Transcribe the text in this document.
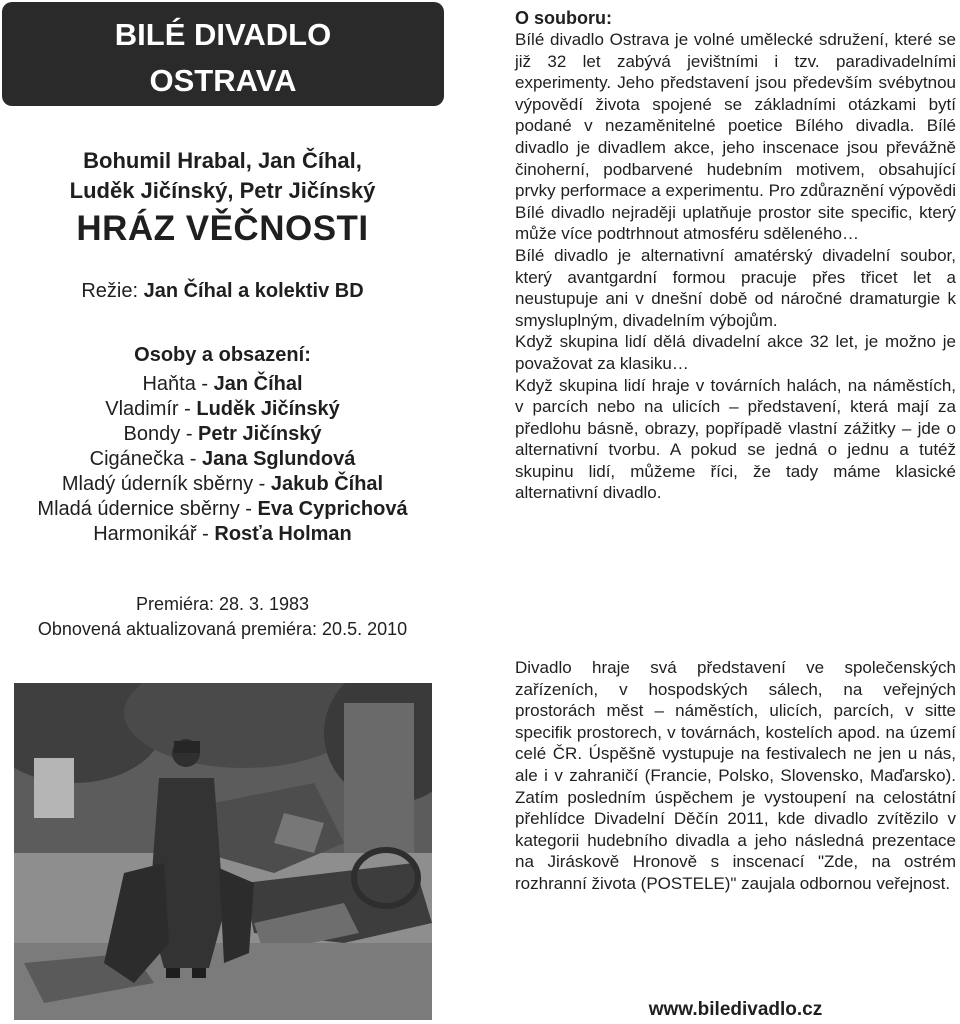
BILÉ DIVADLO
OSTRAVA
Bohumil Hrabal, Jan Číhal,
Luděk Jičínský, Petr Jičínský
HRÁZ VĚČNOSTI
Režie: Jan Číhal a kolektiv BD
Osoby a obsazení:
Haňta - Jan Číhal
Vladimír - Luděk Jičínský
Bondy - Petr Jičínský
Cigánečka - Jana Sglundová
Mladý úderník sběrny - Jakub Číhal
Mladá údernice sběrny - Eva Cyprichová
Harmonikář - Rosťa Holman
Premiéra: 28. 3. 1983
Obnovená aktualizovaná premiéra: 20.5. 2010
O souboru:

Bílé divadlo Ostrava je volné umělecké sdružení, které se již 32 let zabývá jevištními i tzv. paradivadelními experimenty. Jeho představení jsou především svébytnou výpovědí života spojené se základními otázkami bytí podané v nezaměnitelné poetice Bílého divadla. Bílé divadlo je divadlem akce, jeho inscenace jsou převážně činoherní, podbarvené hudebním motivem, obsahující prvky performace a experimentu. Pro zdůraznění výpovědi Bílé divadlo nejraději uplatňuje prostor site specific, který může více podtrhnout atmosféru sděleného…

Bílé divadlo je alternativní amatérský divadelní soubor, který avantgardní formou pracuje přes třicet let a neustupuje ani v dnešní době od náročné dramaturgie k smysluplným, divadelním výbojům.

Když skupina lidí dělá divadelní akce 32 let, je možno je považovat za klasiku…

Když skupina lidí hraje v továrních halách, na náměstích, v parcích nebo na ulicích – představení, která mají za předlohu básně, obrazy, popřípadě vlastní zážitky – jde o alternativní tvorbu. A pokud se jedná o jednu a tutéž skupinu lidí, můžeme říci, že tady máme klasické alternativní divadlo.

Divadlo hraje svá představení ve společenských zařízeních, v hospodských sálech, na veřejných prostorách měst – náměstích, ulicích, parcích, v sitte specifik prostorech, v továrnách, kostelích apod. na území celé ČR. Úspěšně vystupuje na festivalech ne jen u nás, ale i v zahraničí (Francie, Polsko, Slovensko, Maďarsko). Zatím posledním úspěchem je vystoupení na celostátní přehlídce Divadelní Děčín 2011, kde divadlo zvítězilo v kategorii hudebního divadla a jeho následná prezentace na Jiráskově Hronově s inscenací "Zde, na ostrém rozhranní života (POSTELE)" zaujala odbornou veřejnost.

www.biledivadlo.cz
